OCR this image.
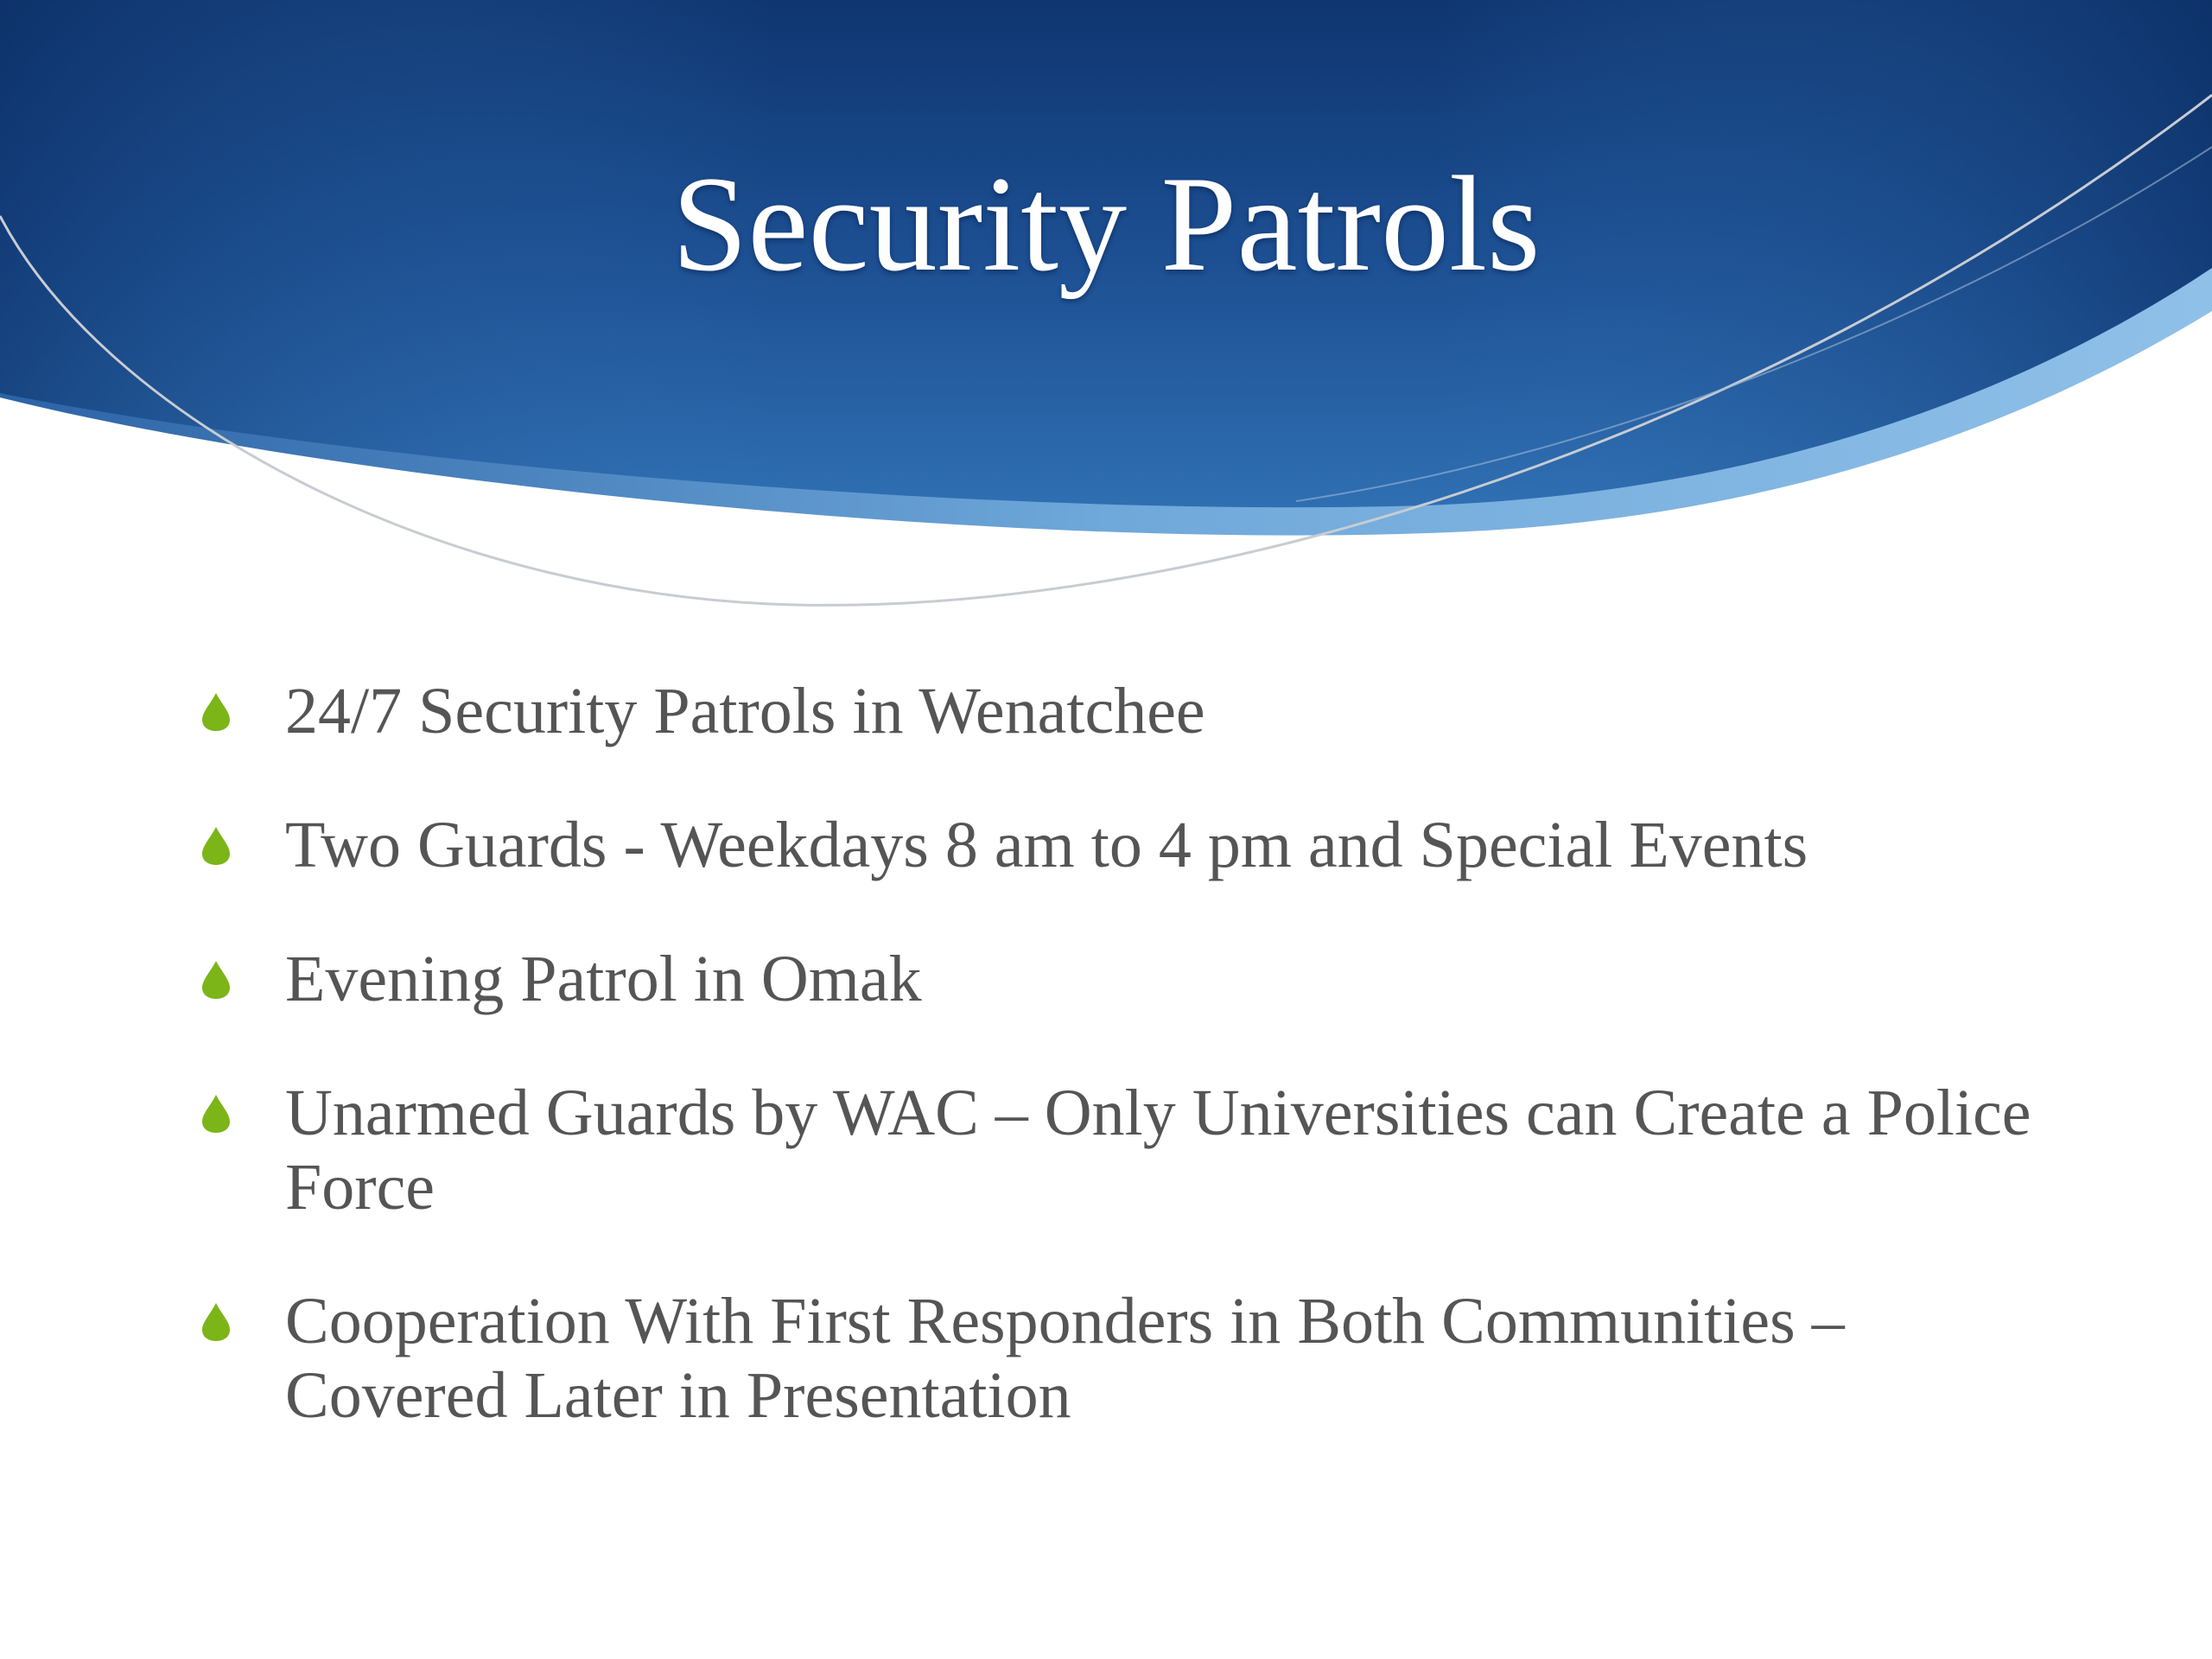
Security Patrols
24/7 Security Patrols in Wenatchee
Two Guards - Weekdays 8 am to 4 pm and Special Events
Evening Patrol in Omak
Unarmed Guards by WAC – Only Universities can Create a Police Force
Cooperation With First Responders in Both Communities – Covered Later in Presentation
